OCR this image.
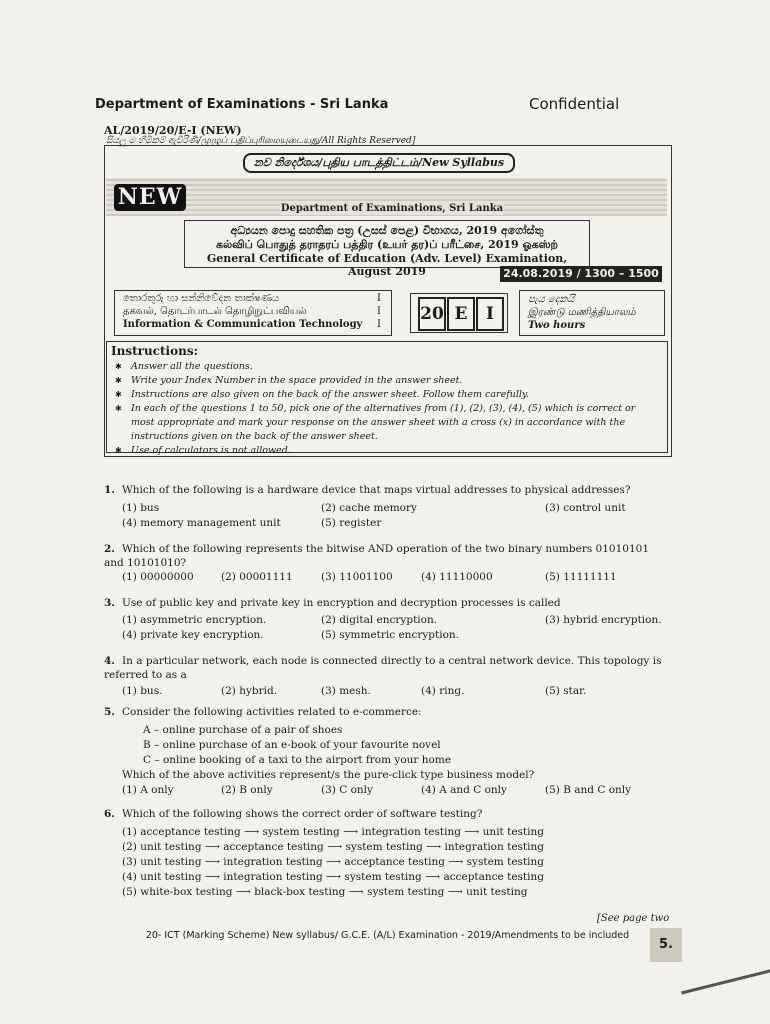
Department of Examinations - Sri Lanka	Confidential
AL/2019/20/E-I (NEW)
සියලු ම හිමිකම් ඇවිරිණි/முழுப் பதிப்புரிமையுடையது/All Rights Reserved]
නව නිර්දේශය/புதிய பாடத்திட்டம்/New Syllabus
NEW	Department of Examinations, Sri Lanka
අධ්‍යයන පොදු සහතික පත්‍ර (උසස් පෙළ) විභාගය, 2019 අගෝස්තු
கல்விப் பொதுத் தராதரப் பத்திர (உயர் தர)ப் பரீட்சை, 2019 ஓகஸ்ற்
General Certificate of Education (Adv. Level) Examination, August 2019	24.08.2019 / 1300 – 1500
තොරතුරු හා සන්නිවේදන තාක්ෂණය
தகவல், தொடர்பாடல் தொழிநுட்பவியல்
Information & Communication Technology
I
I
I
20 E	I
පැය දෙකයි
இரண்டு மணித்தியாலம்
Two hours
Instructions:
✱ Answer all the questions.
✱ Write your Index Number in the space provided in the answer sheet.
✱ Instructions are also given on the back of the answer sheet. Follow them carefully.
✱ In each of the questions 1 to 50, pick one of the alternatives from (1), (2), (3), (4), (5) which is correct or most appropriate and mark your response on the answer sheet with a cross (x) in accordance with the instructions given on the back of the answer sheet.
✱ Use of calculators is not allowed.
1. Which of the following is a hardware device that maps virtual addresses to physical addresses?
(1) bus	(2) cache memory	(3) control unit
(4) memory management unit	(5) register
2. Which of the following represents the bitwise AND operation of the two binary numbers 01010101 and 10101010?
(1) 00000000	(2) 00001111	(3) 11001100	(4) 11110000	(5) 11111111
3. Use of public key and private key in encryption and decryption processes is called
(1) asymmetric encryption.	(2) digital encryption.	(3) hybrid encryption.
(4) private key encryption.	(5) symmetric encryption.
4. In a particular network, each node is connected directly to a central network device. This topology is referred to as a
(1) bus.	(2) hybrid.	(3) mesh.	(4) ring.	(5) star.
5. Consider the following activities related to e-commerce:
A – online purchase of a pair of shoes
B – online purchase of an e-book of your favourite novel
C – online booking of a taxi to the airport from your home
Which of the above activities represent/s the pure-click type business model?
(1) A only	(2) B only	(3) C only	(4) A and C only	(5) B and C only
6. Which of the following shows the correct order of software testing?
(1) acceptance testing ⟶ system testing ⟶ integration testing ⟶ unit testing
(2) unit testing ⟶ acceptance testing ⟶ system testing ⟶ integration testing
(3) unit testing ⟶ integration testing ⟶ acceptance testing ⟶ system testing
(4) unit testing ⟶ integration testing ⟶ system testing ⟶ acceptance testing
(5) white-box testing ⟶ black-box testing ⟶ system testing ⟶ unit testing
[See page two
20- ICT (Marking Scheme) New syllabus/ G.C.E. (A/L) Examination - 2019/Amendments to be included
5.
